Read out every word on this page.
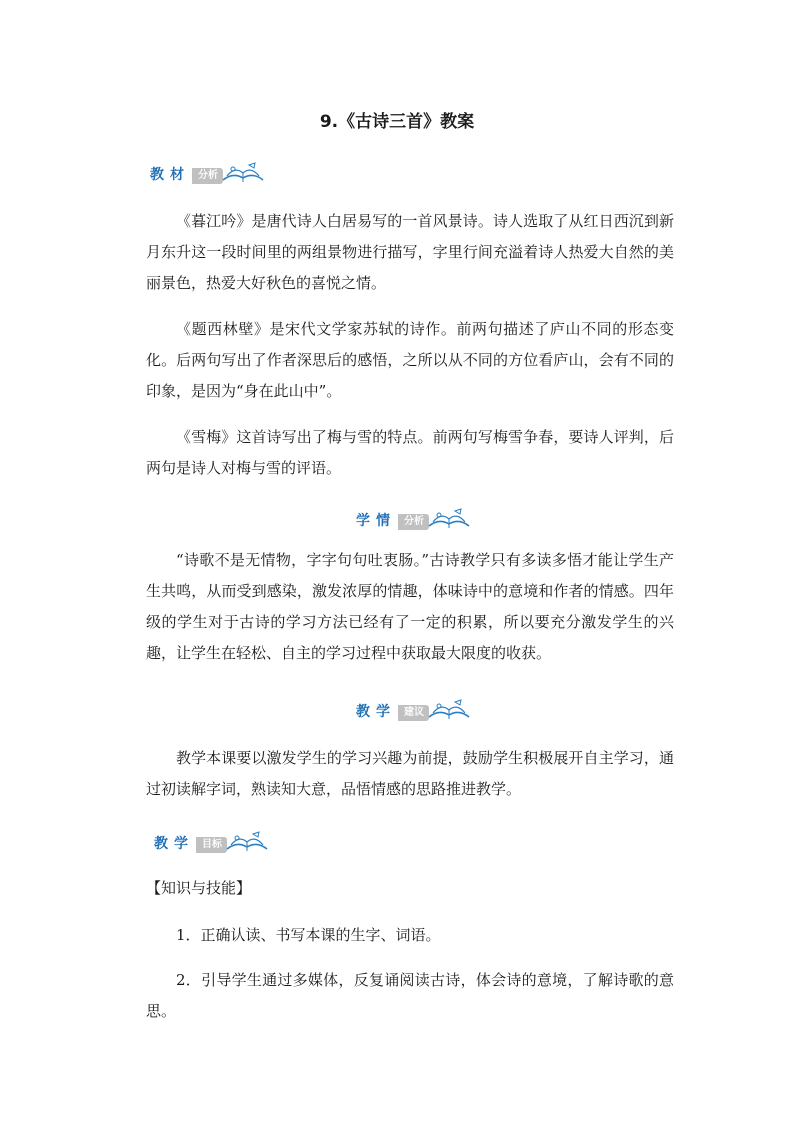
9.《古诗三首》教案
教材 分析

《暮江吟》是唐代诗人白居易写的一首风景诗。诗人选取了从红日西沉到新月东升这一段时间里的两组景物进行描写，字里行间充溢着诗人热爱大自然的美丽景色，热爱大好秋色的喜悦之情。

《题西林壁》是宋代文学家苏轼的诗作。前两句描述了庐山不同的形态变化。后两句写出了作者深思后的感悟，之所以从不同的方位看庐山，会有不同的印象，是因为“身在此山中”。

《雪梅》这首诗写出了梅与雪的特点。前两句写梅雪争春，要诗人评判，后两句是诗人对梅与雪的评语。

学情 分析

“诗歌不是无情物，字字句句吐衷肠。”古诗教学只有多读多悟才能让学生产生共鸣，从而受到感染，激发浓厚的情趣，体味诗中的意境和作者的情感。四年级的学生对于古诗的学习方法已经有了一定的积累，所以要充分激发学生的兴趣，让学生在轻松、自主的学习过程中获取最大限度的收获。

教学 建议

教学本课要以激发学生的学习兴趣为前提，鼓励学生积极展开自主学习，通过初读解字词，熟读知大意，品悟情感的思路推进教学。

教学 目标

【知识与技能】

1．正确认读、书写本课的生字、词语。

2．引导学生通过多媒体，反复诵阅读古诗，体会诗的意境，了解诗歌的意思。
